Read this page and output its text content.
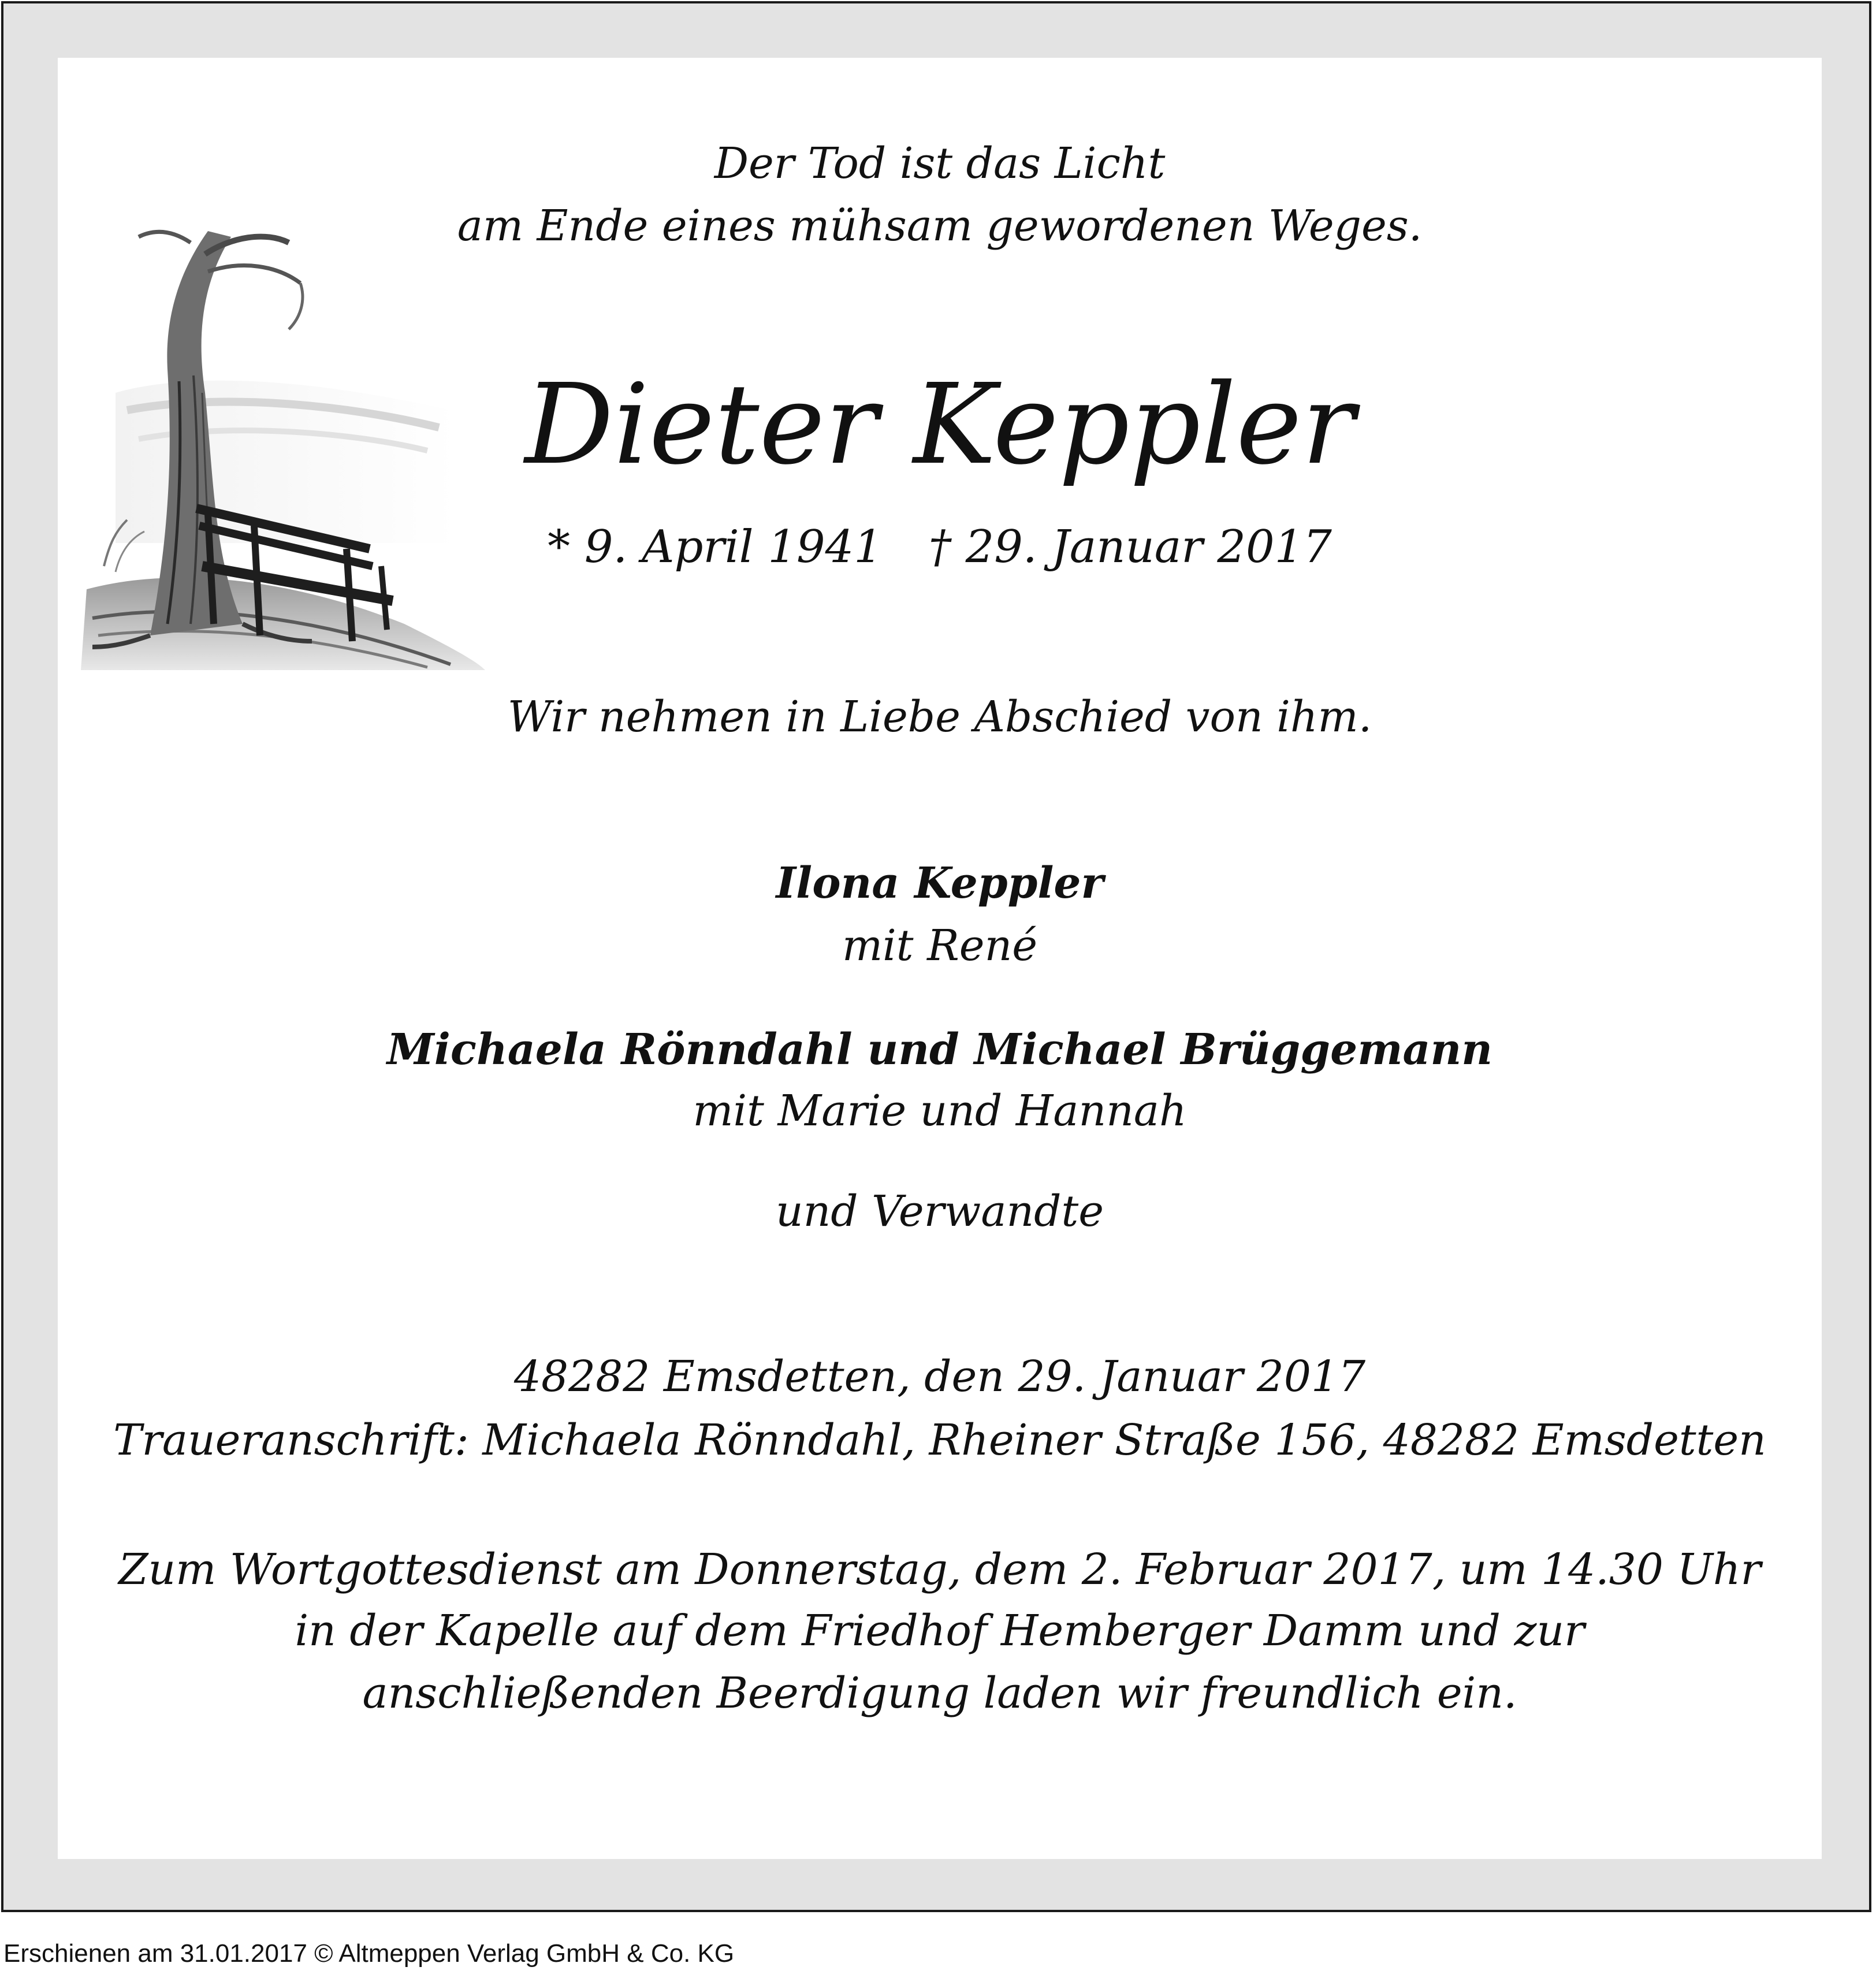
Der Tod ist das Licht
am Ende eines mühsam gewordenen Weges.
Dieter Keppler
* 9. April 1941 † 29. Januar 2017
Wir nehmen in Liebe Abschied von ihm.
Ilona Keppler
mit René
Michaela Rönndahl und Michael Brüggemann
mit Marie und Hannah
und Verwandte
48282 Emsdetten, den 29. Januar 2017
Traueranschrift: Michaela Rönndahl, Rheiner Straße 156, 48282 Emsdetten
Zum Wortgottesdienst am Donnerstag, dem 2. Februar 2017, um 14.30 Uhr
in der Kapelle auf dem Friedhof Hemberger Damm und zur
anschließenden Beerdigung laden wir freundlich ein.
Erschienen am 31.01.2017 © Altmeppen Verlag GmbH & Co. KG
